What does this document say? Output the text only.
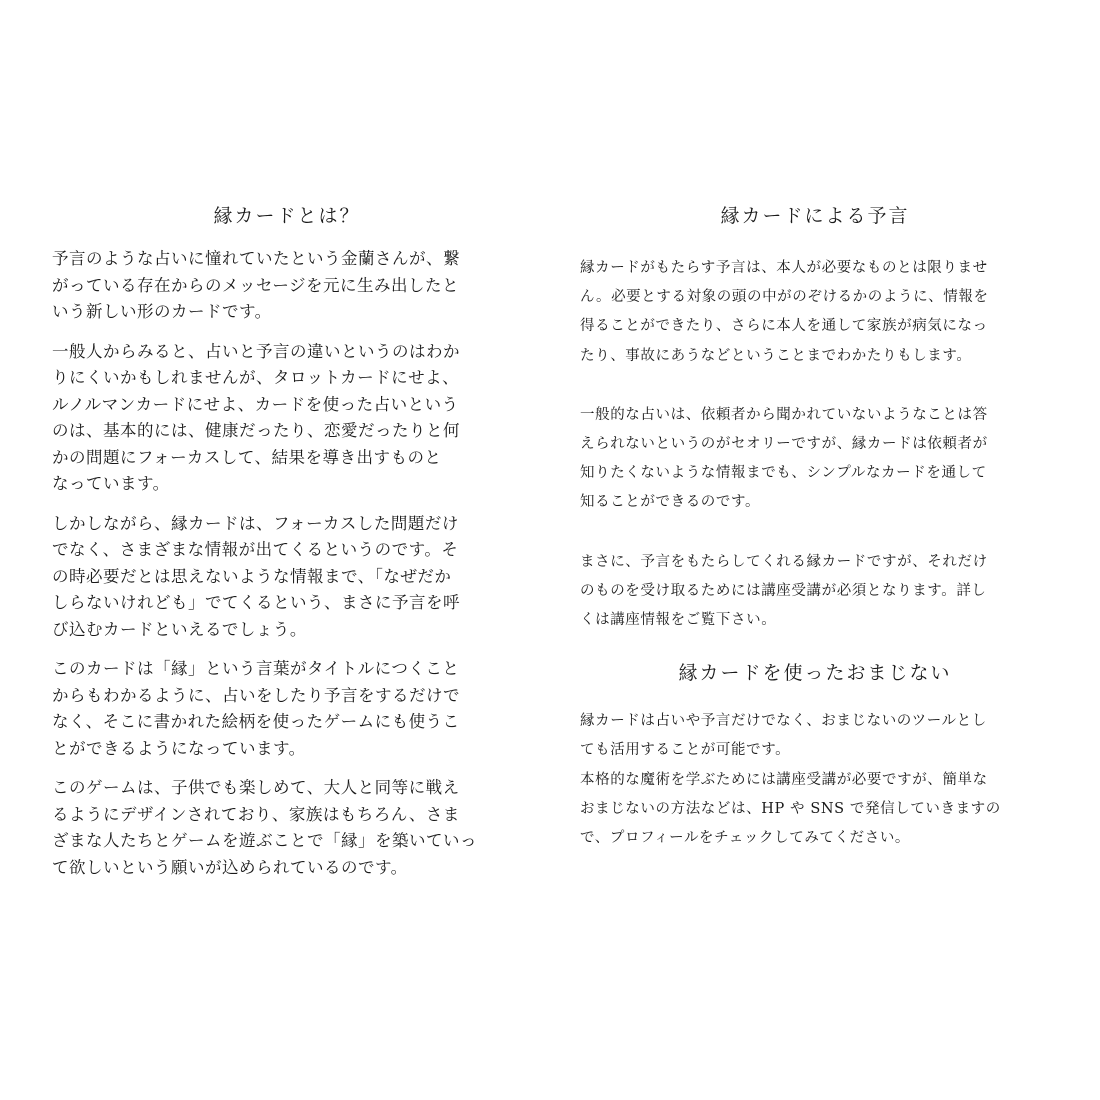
縁カードとは？

予言のような占いに憧れていたという金蘭さんが、繋
がっている存在からのメッセージを元に生み出したと
いう新しい形のカードです。

一般人からみると、占いと予言の違いというのはわか
りにくいかもしれませんが、タロットカードにせよ、
ルノルマンカードにせよ、カードを使った占いという
のは、基本的には、健康だったり、恋愛だったりと何
かの問題にフォーカスして、結果を導き出すものと
なっています。

しかしながら、縁カードは、フォーカスした問題だけ
でなく、さまざまな情報が出てくるというのです。そ
の時必要だとは思えないような情報まで、「なぜだか
しらないけれども」でてくるという、まさに予言を呼
び込むカードといえるでしょう。

このカードは「縁」という言葉がタイトルにつくこと
からもわかるように、占いをしたり予言をするだけで
なく、そこに書かれた絵柄を使ったゲームにも使うこ
とができるようになっています。

このゲームは、子供でも楽しめて、大人と同等に戦え
るようにデザインされており、家族はもちろん、さま
ざまな人たちとゲームを遊ぶことで「縁」を築いていっ
て欲しいという願いが込められているのです。

縁カードによる予言

縁カードがもたらす予言は、本人が必要なものとは限りませ
ん。必要とする対象の頭の中がのぞけるかのように、情報を
得ることができたり、さらに本人を通して家族が病気になっ
たり、事故にあうなどということまでわかたりもします。

一般的な占いは、依頼者から聞かれていないようなことは答
えられないというのがセオリーですが、縁カードは依頼者が
知りたくないような情報までも、シンプルなカードを通して
知ることができるのです。

まさに、予言をもたらしてくれる縁カードですが、それだけ
のものを受け取るためには講座受講が必須となります。詳し
くは講座情報をご覧下さい。

縁カードを使ったおまじない

縁カードは占いや予言だけでなく、おまじないのツールとし
ても活用することが可能です。
本格的な魔術を学ぶためには講座受講が必要ですが、簡単な
おまじないの方法などは、HP や SNS で発信していきますの
で、プロフィールをチェックしてみてください。
